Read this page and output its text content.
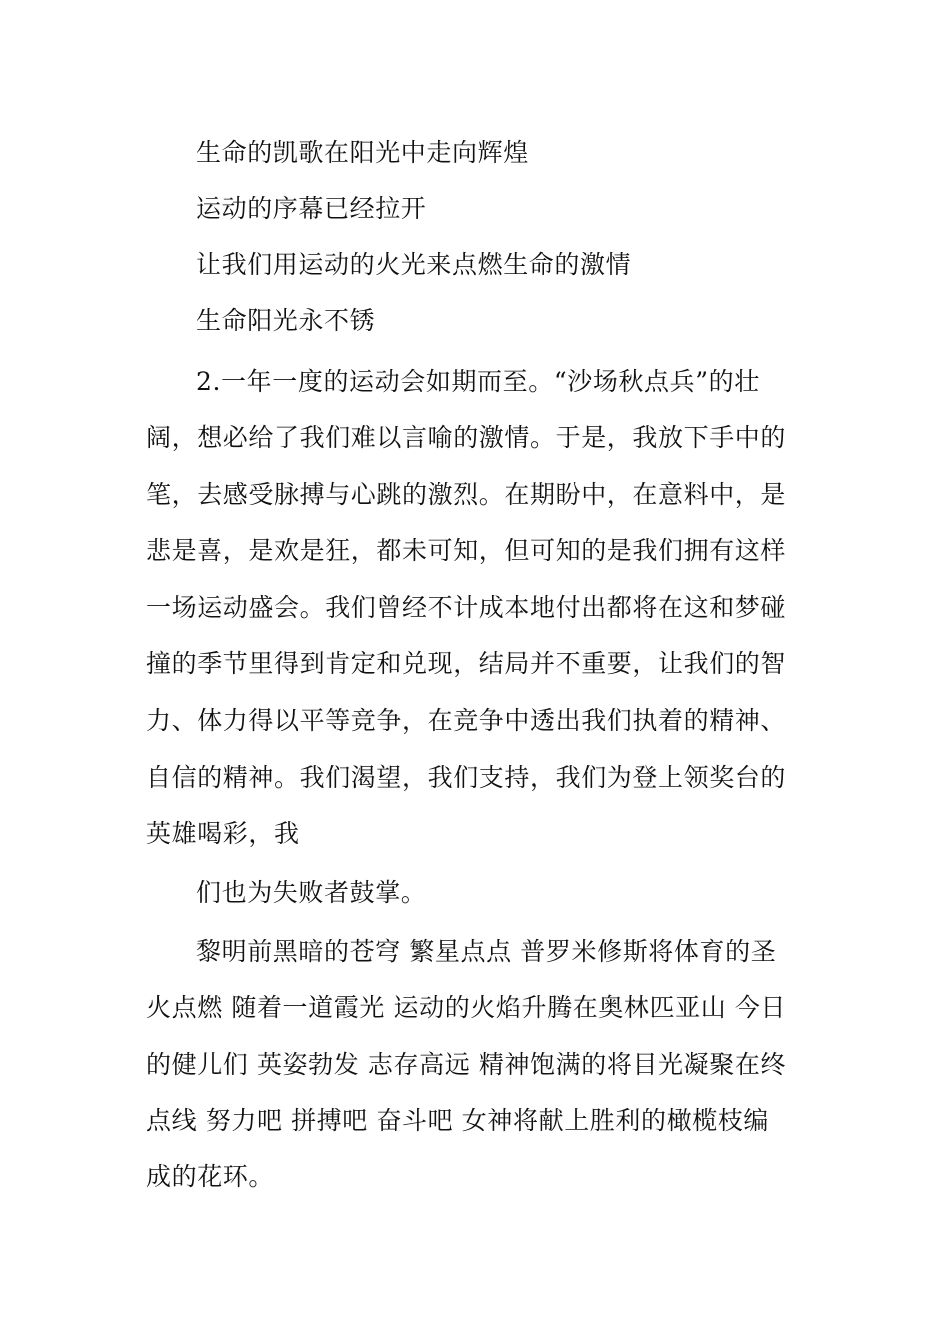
生命的凯歌在阳光中走向辉煌
运动的序幕已经拉开
让我们用运动的火光来点燃生命的激情
生命阳光永不锈
2.一年一度的运动会如期而至。“沙场秋点兵”的壮
阔，想必给了我们难以言喻的激情。于是，我放下手中的
笔，去感受脉搏与心跳的激烈。在期盼中，在意料中，是
悲是喜，是欢是狂，都未可知，但可知的是我们拥有这样
一场运动盛会。我们曾经不计成本地付出都将在这和梦碰
撞的季节里得到肯定和兑现，结局并不重要，让我们的智
力、体力得以平等竞争，在竞争中透出我们执着的精神、
自信的精神。我们渴望，我们支持，我们为登上领奖台的
英雄喝彩，我
们也为失败者鼓掌。
黎明前黑暗的苍穹 繁星点点 普罗米修斯将体育的圣
火点燃 随着一道霞光 运动的火焰升腾在奥林匹亚山 今日
的健儿们 英姿勃发 志存高远 精神饱满的将目光凝聚在终
点线 努力吧 拼搏吧 奋斗吧 女神将献上胜利的橄榄枝编
成的花环。
